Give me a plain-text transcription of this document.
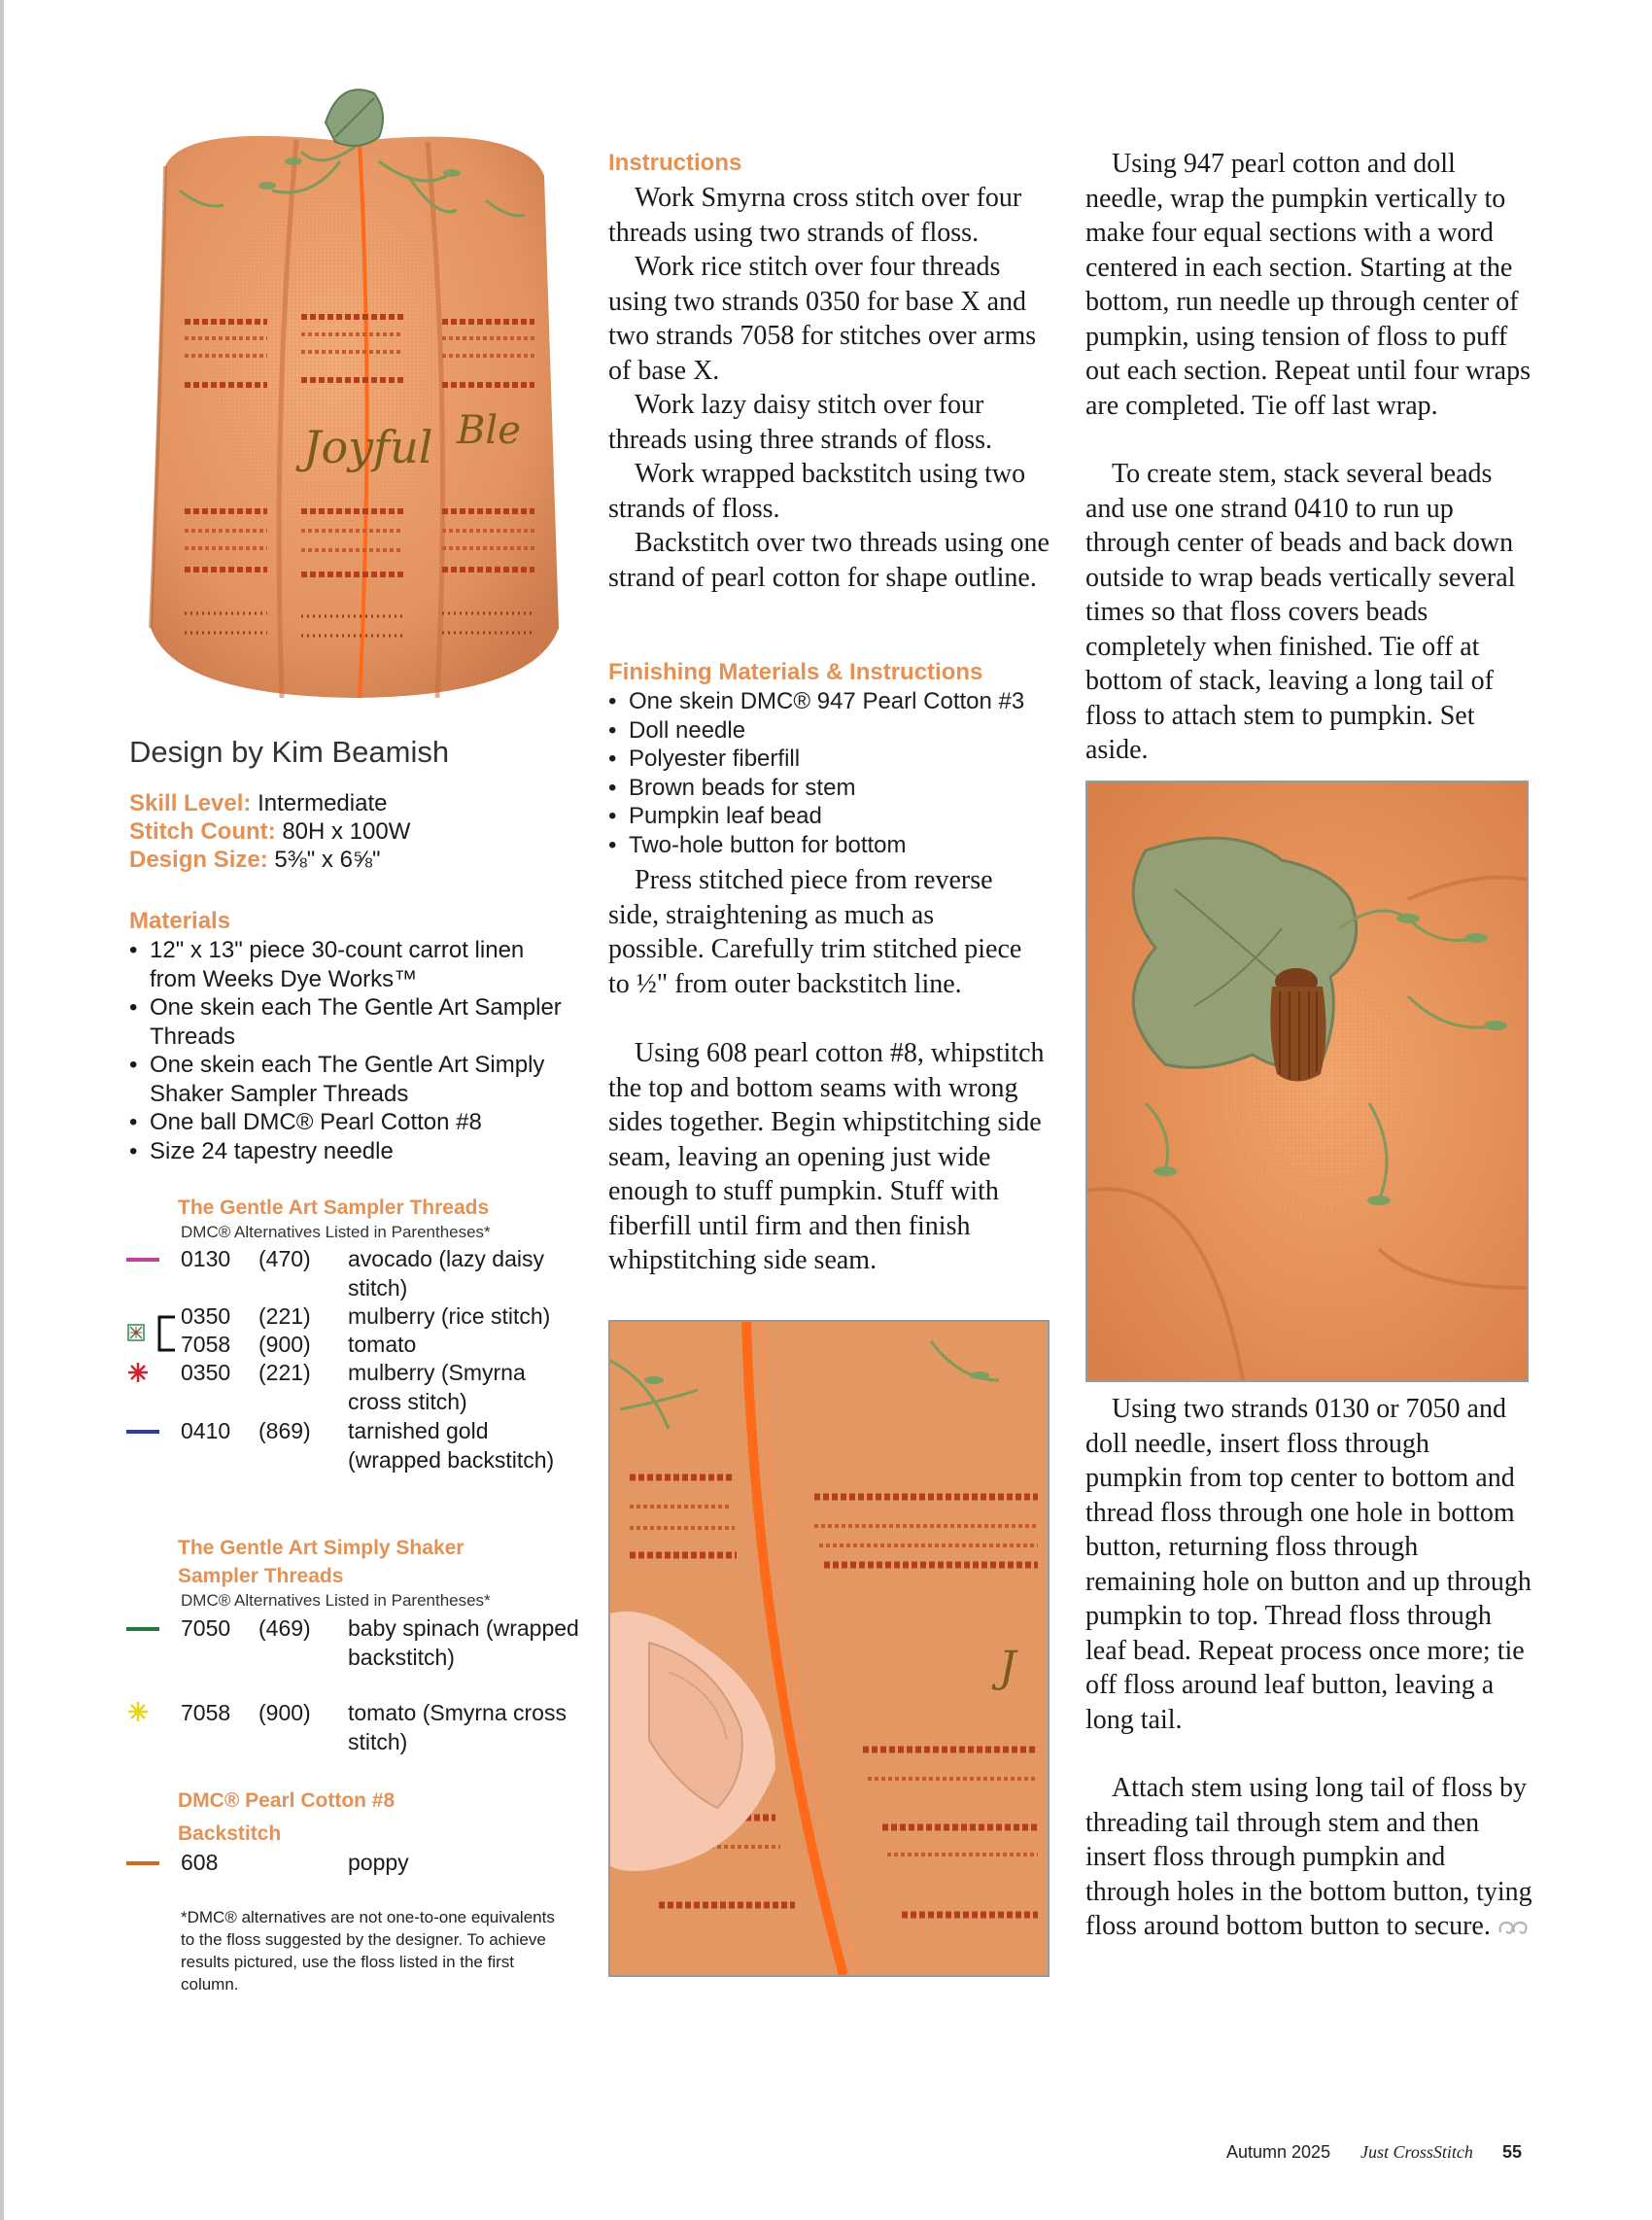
Joyful Ble
Design by Kim Beamish
Skill Level: Intermediate
Stitch Count: 80H x 100W
Design Size: 5⅜" x 6⅝"
Materials
• 12" x 13" piece 30-count carrot linen from Weeks Dye Works™
• One skein each The Gentle Art Sampler Threads
• One skein each The Gentle Art Simply Shaker Sampler Threads
• One ball DMC® Pearl Cotton #8
• Size 24 tapestry needle
The Gentle Art Sampler Threads
DMC® Alternatives Listed in Parentheses*
0130 (470) avocado (lazy daisy stitch)
0350 (221) mulberry (rice stitch)
7058 (900) tomato
0350 (221) mulberry (Smyrna cross stitch)
0410 (869) tarnished gold (wrapped backstitch)
The Gentle Art Simply Shaker
Sampler Threads
DMC® Alternatives Listed in Parentheses*
7050 (469) baby spinach (wrapped backstitch)
7058 (900) tomato (Smyrna cross stitch)
DMC® Pearl Cotton #8
Backstitch
608	poppy
*DMC® alternatives are not one-to-one equivalents to the floss suggested by the designer. To achieve results pictured, use the floss listed in the first column.
Instructions
Work Smyrna cross stitch over four threads using two strands of floss.
Work rice stitch over four threads using two strands 0350 for base X and two strands 7058 for stitches over arms of base X.
Work lazy daisy stitch over four threads using three strands of floss.
Work wrapped backstitch using two strands of floss.
Backstitch over two threads using one strand of pearl cotton for shape outline.
Finishing Materials & Instructions
• One skein DMC® 947 Pearl Cotton #3
• Doll needle
• Polyester fiberfill
• Brown beads for stem
• Pumpkin leaf bead
• Two-hole button for bottom
Press stitched piece from reverse side, straightening as much as possible. Carefully trim stitched piece to ½" from outer backstitch line.
Using 608 pearl cotton #8, whipstitch the top and bottom seams with wrong sides together. Begin whipstitching side seam, leaving an opening just wide enough to stuff pumpkin. Stuff with fiberfill until firm and then finish whipstitching side seam.
J
Using 947 pearl cotton and doll needle, wrap the pumpkin vertically to make four equal sections with a word centered in each section. Starting at the bottom, run needle up through center of pumpkin, using tension of floss to puff out each section. Repeat until four wraps are completed. Tie off last wrap.
To create stem, stack several beads and use one strand 0410 to run up through center of beads and back down outside to wrap beads vertically several times so that floss covers beads completely when finished. Tie off at bottom of stack, leaving a long tail of floss to attach stem to pumpkin. Set aside.
Using two strands 0130 or 7050 and doll needle, insert floss through pumpkin from top center to bottom and thread floss through one hole in bottom button, returning floss through remaining hole on button and up through pumpkin to top. Thread floss through leaf bead. Repeat process once more; tie off floss around leaf button, leaving a long tail.
Attach stem using long tail of floss by threading tail through stem and then insert floss through pumpkin and through holes in the bottom button, tying floss around bottom button to secure.
Autumn 2025 Just CrossStitch 55
